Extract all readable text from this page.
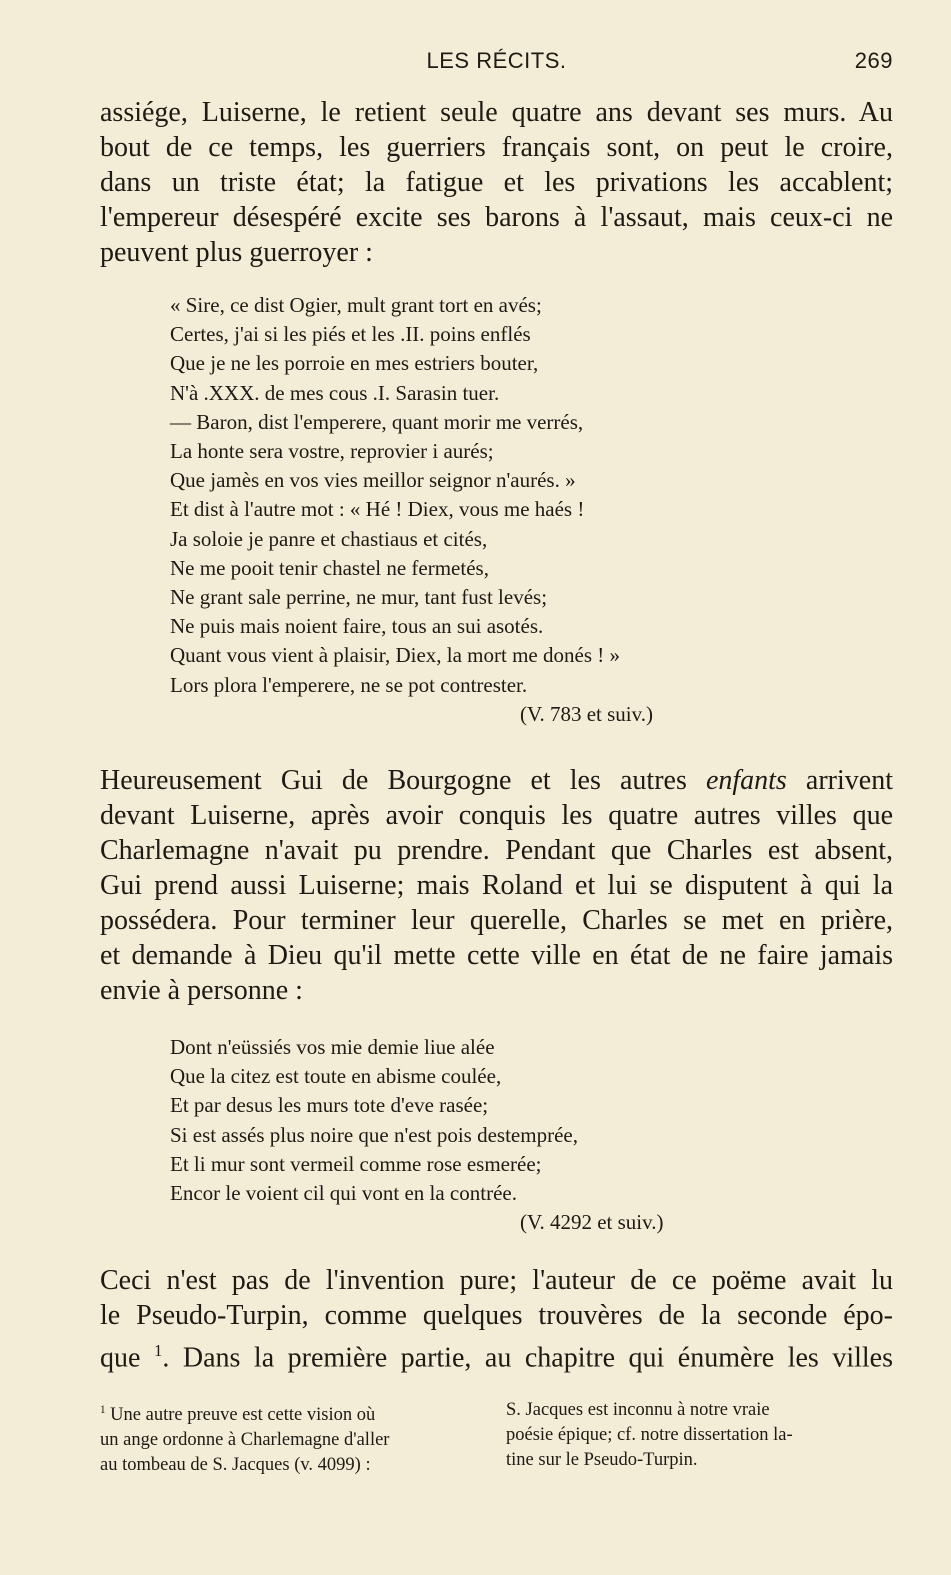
LES RÉCITS.	269
assiége, Luiserne, le retient seule quatre ans devant ses murs. Au
bout de ce temps, les guerriers français sont, on peut le croire,
dans un triste état; la fatigue et les privations les accablent;
l'empereur désespéré excite ses barons à l'assaut, mais ceux-ci ne
peuvent plus guerroyer :
« Sire, ce dist Ogier, mult grant tort en avés;
Certes, j'ai si les piés et les .II. poins enflés
Que je ne les porroie en mes estriers bouter,
N'à .XXX. de mes cous .I. Sarasin tuer.
— Baron, dist l'emperere, quant morir me verrés,
La honte sera vostre, reprovier i aurés;
Que jamès en vos vies meillor seignor n'aurés. »
Et dist à l'autre mot : « Hé ! Diex, vous me haés !
Ja soloie je panre et chastiaus et cités,
Ne me pooit tenir chastel ne fermetés,
Ne grant sale perrine, ne mur, tant fust levés;
Ne puis mais noient faire, tous an sui asotés.
Quant vous vient à plaisir, Diex, la mort me donés ! »
Lors plora l'emperere, ne se pot contrester.
(V. 783 et suiv.)
Heureusement Gui de Bourgogne et les autres enfants arrivent
devant Luiserne, après avoir conquis les quatre autres villes que
Charlemagne n'avait pu prendre. Pendant que Charles est absent,
Gui prend aussi Luiserne; mais Roland et lui se disputent à qui la
possédera. Pour terminer leur querelle, Charles se met en prière,
et demande à Dieu qu'il mette cette ville en état de ne faire jamais
envie à personne :
Dont n'eüssiés vos mie demie liue alée
Que la citez est toute en abisme coulée,
Et par desus les murs tote d'eve rasée;
Si est assés plus noire que n'est pois destemprée,
Et li mur sont vermeil comme rose esmerée;
Encor le voient cil qui vont en la contrée.
(V. 4292 et suiv.)
Ceci n'est pas de l'invention pure; l'auteur de ce poëme avait lu
le Pseudo-Turpin, comme quelques trouvères de la seconde épo-
que $^1$. Dans la première partie, au chapitre qui énumère les villes
$^1$ Une autre preuve est cette vision où
un ange ordonne à Charlemagne d'aller
au tombeau de S. Jacques (v. 4099) :
S. Jacques est inconnu à notre vraie
poésie épique; cf. notre dissertation la-
tine sur le Pseudo-Turpin.
